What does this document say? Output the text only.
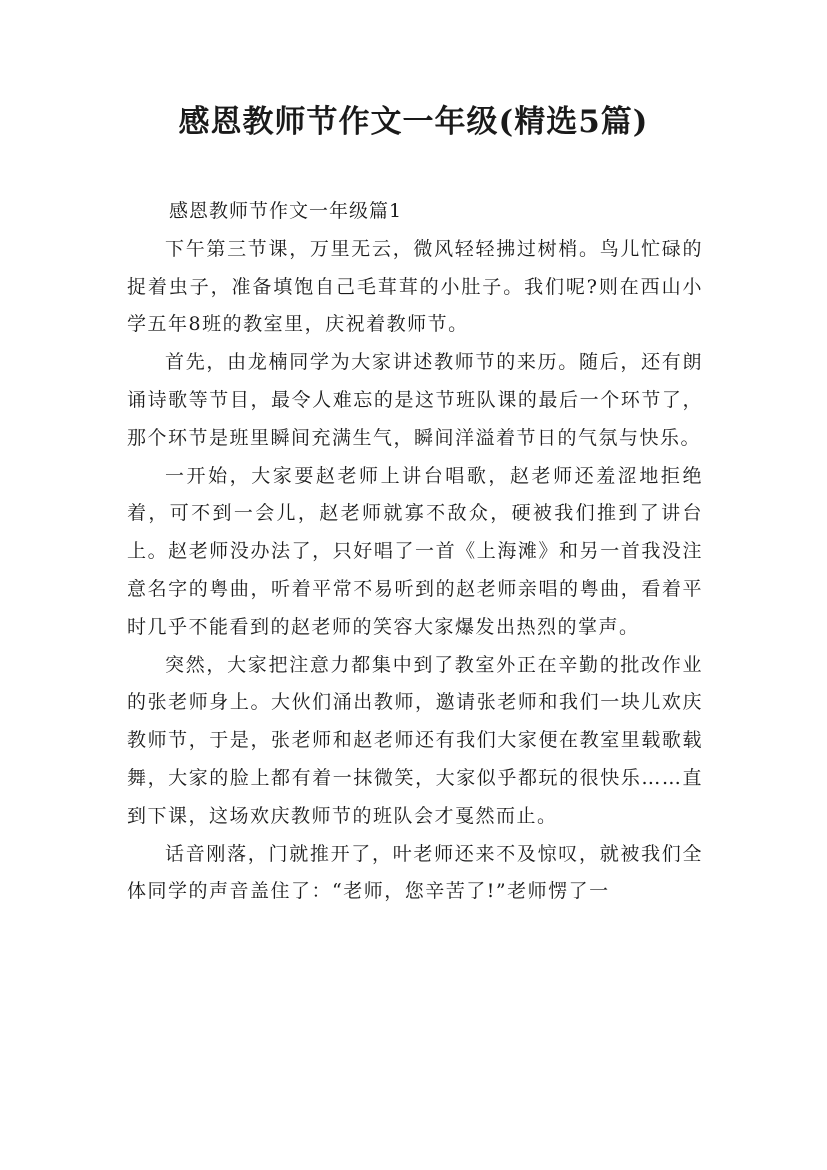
感恩教师节作文一年级(精选5篇)

感恩教师节作文一年级篇1

下午第三节课，万里无云，微风轻轻拂过树梢。鸟儿忙碌的捉着虫子，准备填饱自己毛茸茸的小肚子。我们呢?则在西山小学五年8班的教室里，庆祝着教师节。

首先，由龙楠同学为大家讲述教师节的来历。随后，还有朗诵诗歌等节目，最令人难忘的是这节班队课的最后一个环节了，那个环节是班里瞬间充满生气，瞬间洋溢着节日的气氛与快乐。

一开始，大家要赵老师上讲台唱歌，赵老师还羞涩地拒绝着，可不到一会儿，赵老师就寡不敌众，硬被我们推到了讲台上。赵老师没办法了，只好唱了一首《上海滩》和另一首我没注意名字的粤曲，听着平常不易听到的赵老师亲唱的粤曲，看着平时几乎不能看到的赵老师的笑容大家爆发出热烈的掌声。

突然，大家把注意力都集中到了教室外正在辛勤的批改作业的张老师身上。大伙们涌出教师，邀请张老师和我们一块儿欢庆教师节，于是，张老师和赵老师还有我们大家便在教室里载歌载舞，大家的脸上都有着一抹微笑，大家似乎都玩的很快乐……直到下课，这场欢庆教师节的班队会才戛然而止。

话音刚落，门就推开了，叶老师还来不及惊叹，就被我们全体同学的声音盖住了：“老师，您辛苦了!”老师愣了一
